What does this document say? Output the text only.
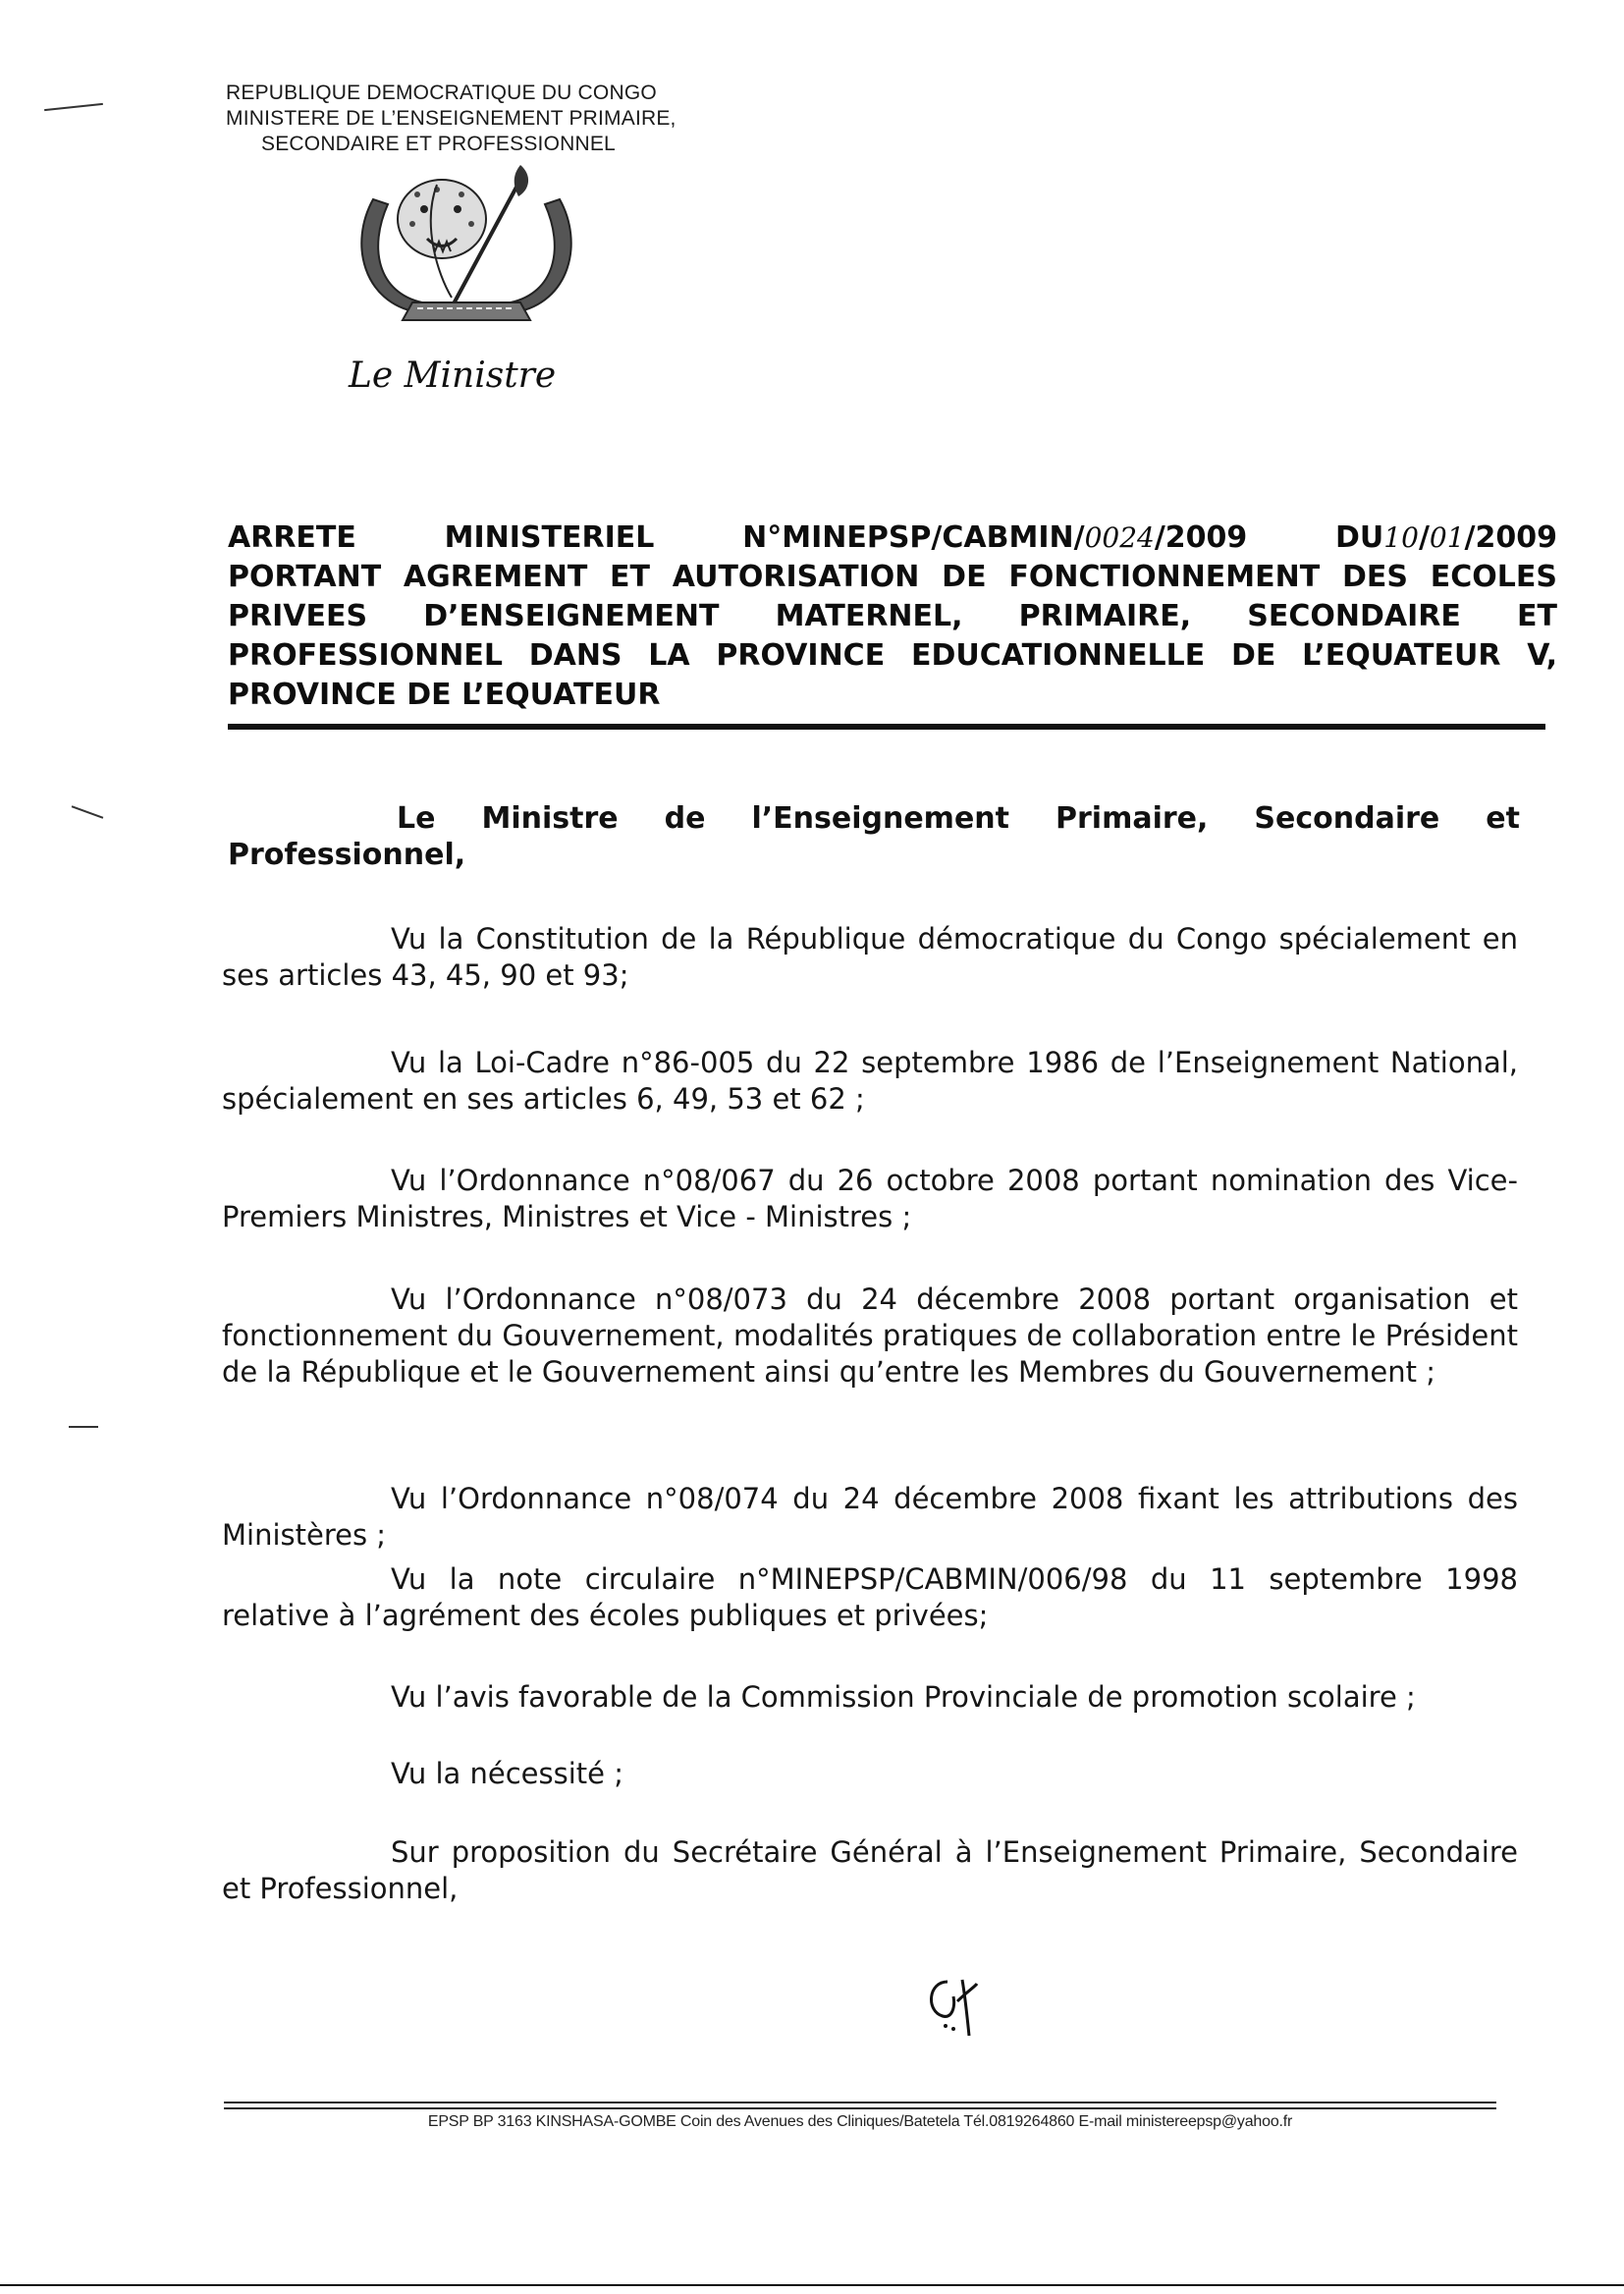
REPUBLIQUE DEMOCRATIQUE DU CONGO
MINISTERE DE L’ENSEIGNEMENT PRIMAIRE,
SECONDAIRE ET PROFESSIONNEL
Le Ministre
ARRETE	MINISTERIEL	N°MINEPSP/CABMIN/0024/2009	DU10/01/2009
PORTANT AGREMENT ET AUTORISATION DE FONCTIONNEMENT DES ECOLES
PRIVEES D’ENSEIGNEMENT MATERNEL, PRIMAIRE, SECONDAIRE ET
PROFESSIONNEL DANS LA PROVINCE EDUCATIONNELLE DE L’EQUATEUR V,
PROVINCE DE L’EQUATEUR
Le Ministre de l’Enseignement Primaire, Secondaire et
Professionnel,
Vu la Constitution de la République démocratique du Congo spécialement en ses articles 43, 45, 90 et 93;
Vu la Loi-Cadre n°86-005 du 22 septembre 1986 de l’Enseignement National, spécialement en ses articles 6, 49, 53 et 62 ;
Vu l’Ordonnance n°08/067 du 26 octobre 2008 portant nomination des Vice-Premiers Ministres, Ministres et Vice - Ministres ;
Vu l’Ordonnance n°08/073 du 24 décembre 2008 portant organisation et fonctionnement du Gouvernement, modalités pratiques de collaboration entre le Président de la République et le Gouvernement ainsi qu’entre les Membres du Gouvernement ;
Vu l’Ordonnance n°08/074 du 24 décembre 2008 fixant les attributions des Ministères ;
Vu la note circulaire n°MINEPSP/CABMIN/006/98 du 11 septembre 1998 relative à l’agrément des écoles publiques et privées;
Vu l’avis favorable de la Commission Provinciale de promotion scolaire ;
Vu la nécessité ;
Sur proposition du Secrétaire Général à l’Enseignement Primaire, Secondaire et Professionnel,
EPSP BP 3163 KINSHASA-GOMBE Coin des Avenues des Cliniques/Batetela Tél.0819264860 E-mail ministereepsp@yahoo.fr
